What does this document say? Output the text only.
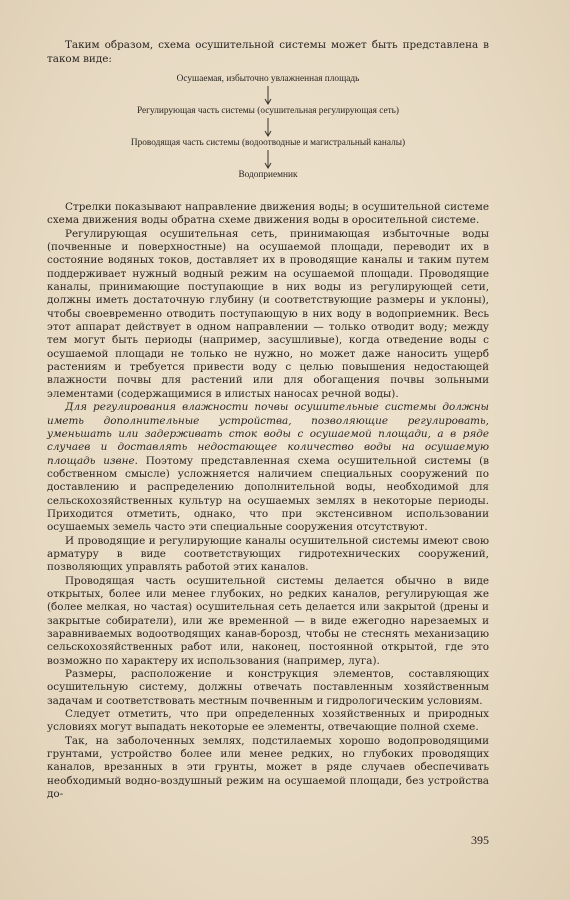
Таким образом, схема осушительной системы может быть представлена в таком виде:

Осушаемая, избыточно увлажненная площадь
Регулирующая часть системы (осушительная регулирующая сеть)
Проводящая часть системы (водоотводные и магистральный каналы)
Водоприемник

Стрелки показывают направление движения воды; в осушительной системе схема движения воды обратна схеме движения воды в оросительной системе.

Регулирующая осушительная сеть, принимающая избыточные воды (почвенные и поверхностные) на осушаемой площади, переводит их в состояние водяных токов, доставляет их в проводящие каналы и таким путем поддерживает нужный водный режим на осушаемой площади. Проводящие каналы, принимающие поступающие в них воды из регулирующей сети, должны иметь достаточную глубину (и соответствующие размеры и уклоны), чтобы своевременно отводить поступающую в них воду в водоприемник. Весь этот аппарат действует в одном направлении — только отводит воду; между тем могут быть периоды (например, засушливые), когда отведение воды с осушаемой площади не только не нужно, но может даже наносить ущерб растениям и требуется привести воду с целью повышения недостающей влажности почвы для растений или для обогащения почвы зольными элементами (содержащимися в илистых наносах речной воды).

Для регулирования влажности почвы осушительные системы должны иметь дополнительные устройства, позволяющие регулировать, уменьшать или задерживать сток воды с осушаемой площади, а в ряде случаев и доставлять недостающее количество воды на осушаемую площадь извне. Поэтому представленная схема осушительной системы (в собственном смысле) усложняется наличием специальных сооружений по доставлению и распределению дополнительной воды, необходимой для сельскохозяйственных культур на осушаемых землях в некоторые периоды. Приходится отметить, однако, что при экстенсивном использовании осушаемых земель часто эти специальные сооружения отсутствуют.

И проводящие и регулирующие каналы осушительной системы имеют свою арматуру в виде соответствующих гидротехнических сооружений, позволяющих управлять работой этих каналов.

Проводящая часть осушительной системы делается обычно в виде открытых, более или менее глубоких, но редких каналов, регулирующая же (более мелкая, но частая) осушительная сеть делается или закрытой (дрены и закрытые собиратели), или же временной — в виде ежегодно нарезаемых и заравниваемых водоотводящих канав-борозд, чтобы не стеснять механизацию сельскохозяйственных работ или, наконец, постоянной открытой, где это возможно по характеру их использования (например, луга).

Размеры, расположение и конструкция элементов, составляющих осушительную систему, должны отвечать поставленным хозяйственным задачам и соответствовать местным почвенным и гидрологическим условиям.

Следует отметить, что при определенных хозяйственных и природных условиях могут выпадать некоторые ее элементы, отвечающие полной схеме.

Так, на заболоченных землях, подстилаемых хорошо водопроводящими грунтами, устройство более или менее редких, но глубоких проводящих каналов, врезанных в эти грунты, может в ряде случаев обеспечивать необходимый водно-воздушный режим на осушаемой площади, без устройства до-

395
